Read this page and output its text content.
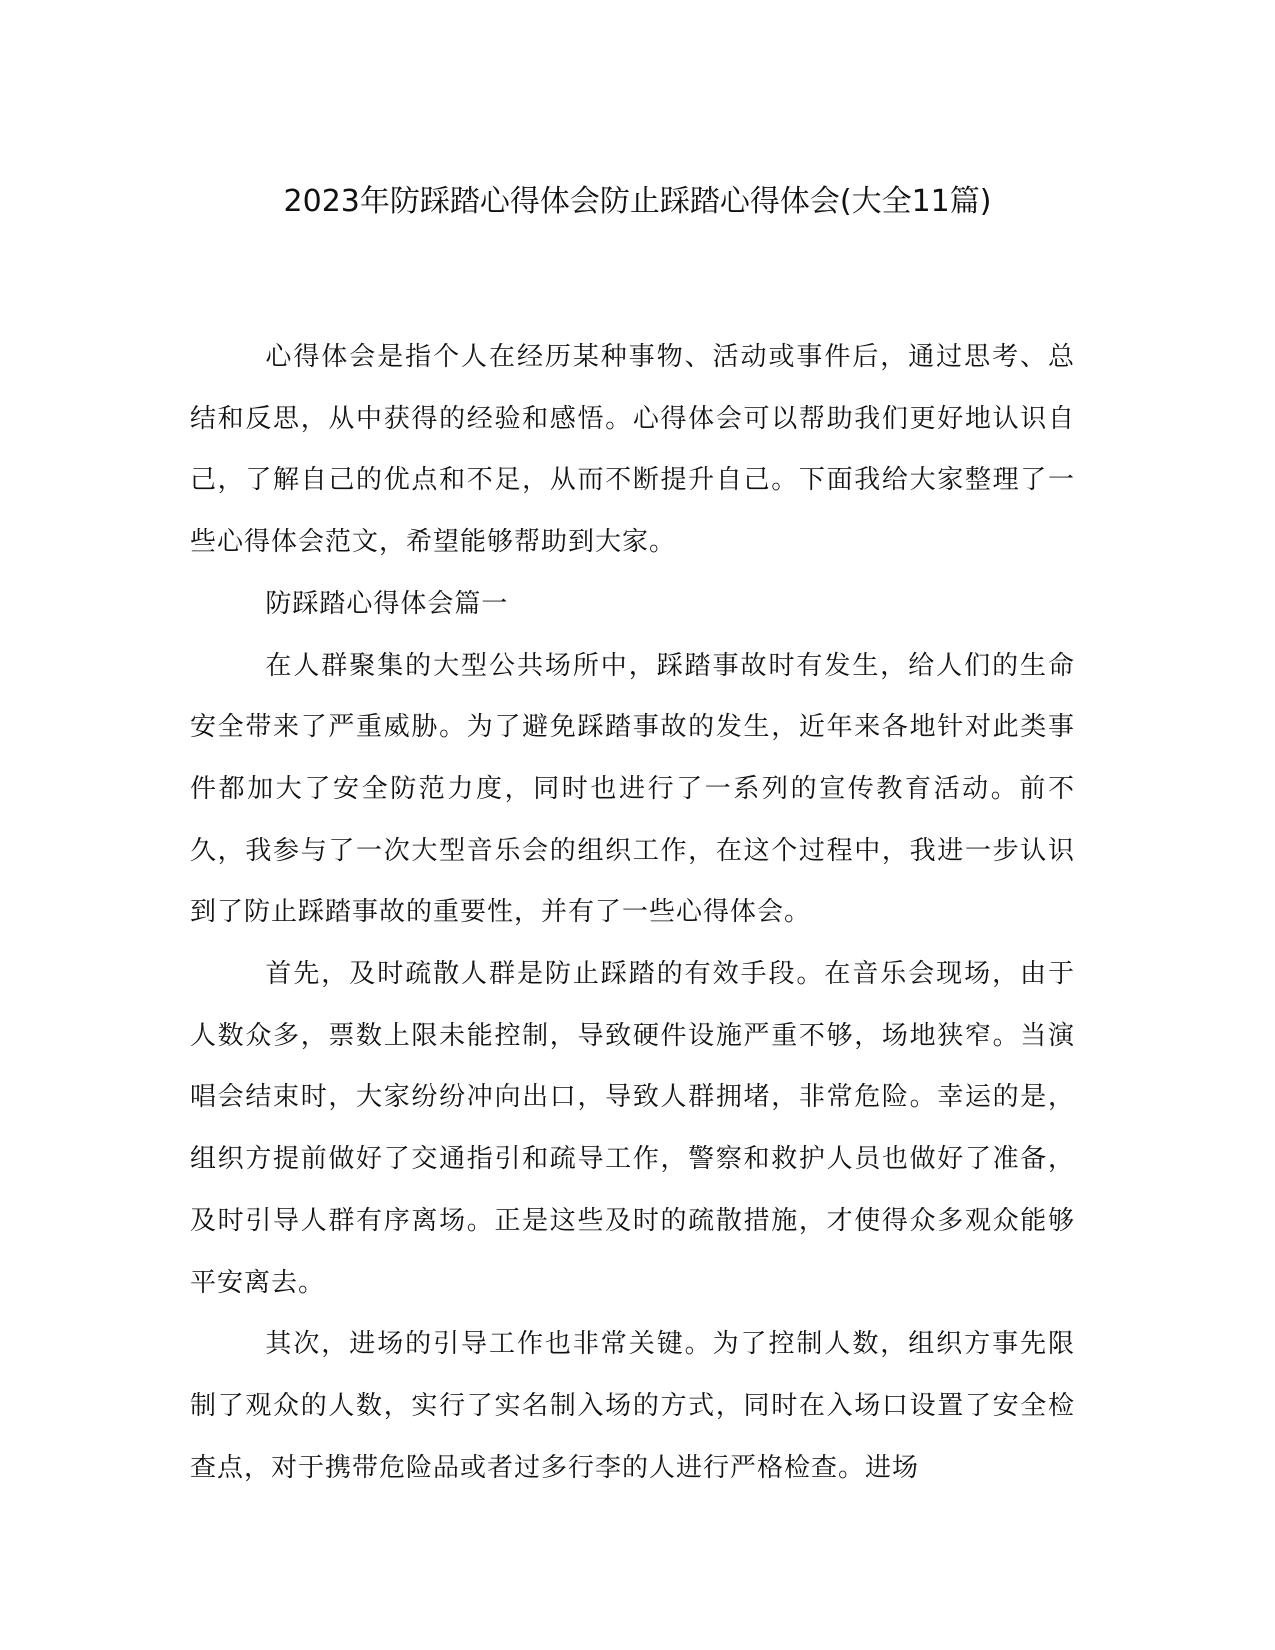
2023年防踩踏心得体会防止踩踏心得体会(大全11篇)

心得体会是指个人在经历某种事物、活动或事件后，通过思考、总结和反思，从中获得的经验和感悟。心得体会可以帮助我们更好地认识自己，了解自己的优点和不足，从而不断提升自己。下面我给大家整理了一些心得体会范文，希望能够帮助到大家。

防踩踏心得体会篇一

在人群聚集的大型公共场所中，踩踏事故时有发生，给人们的生命安全带来了严重威胁。为了避免踩踏事故的发生，近年来各地针对此类事件都加大了安全防范力度，同时也进行了一系列的宣传教育活动。前不久，我参与了一次大型音乐会的组织工作，在这个过程中，我进一步认识到了防止踩踏事故的重要性，并有了一些心得体会。

首先，及时疏散人群是防止踩踏的有效手段。在音乐会现场，由于人数众多，票数上限未能控制，导致硬件设施严重不够，场地狭窄。当演唱会结束时，大家纷纷冲向出口，导致人群拥堵，非常危险。幸运的是，组织方提前做好了交通指引和疏导工作，警察和救护人员也做好了准备，及时引导人群有序离场。正是这些及时的疏散措施，才使得众多观众能够平安离去。

其次，进场的引导工作也非常关键。为了控制人数，组织方事先限制了观众的人数，实行了实名制入场的方式，同时在入场口设置了安全检查点，对于携带危险品或者过多行李的人进行严格检查。进场
